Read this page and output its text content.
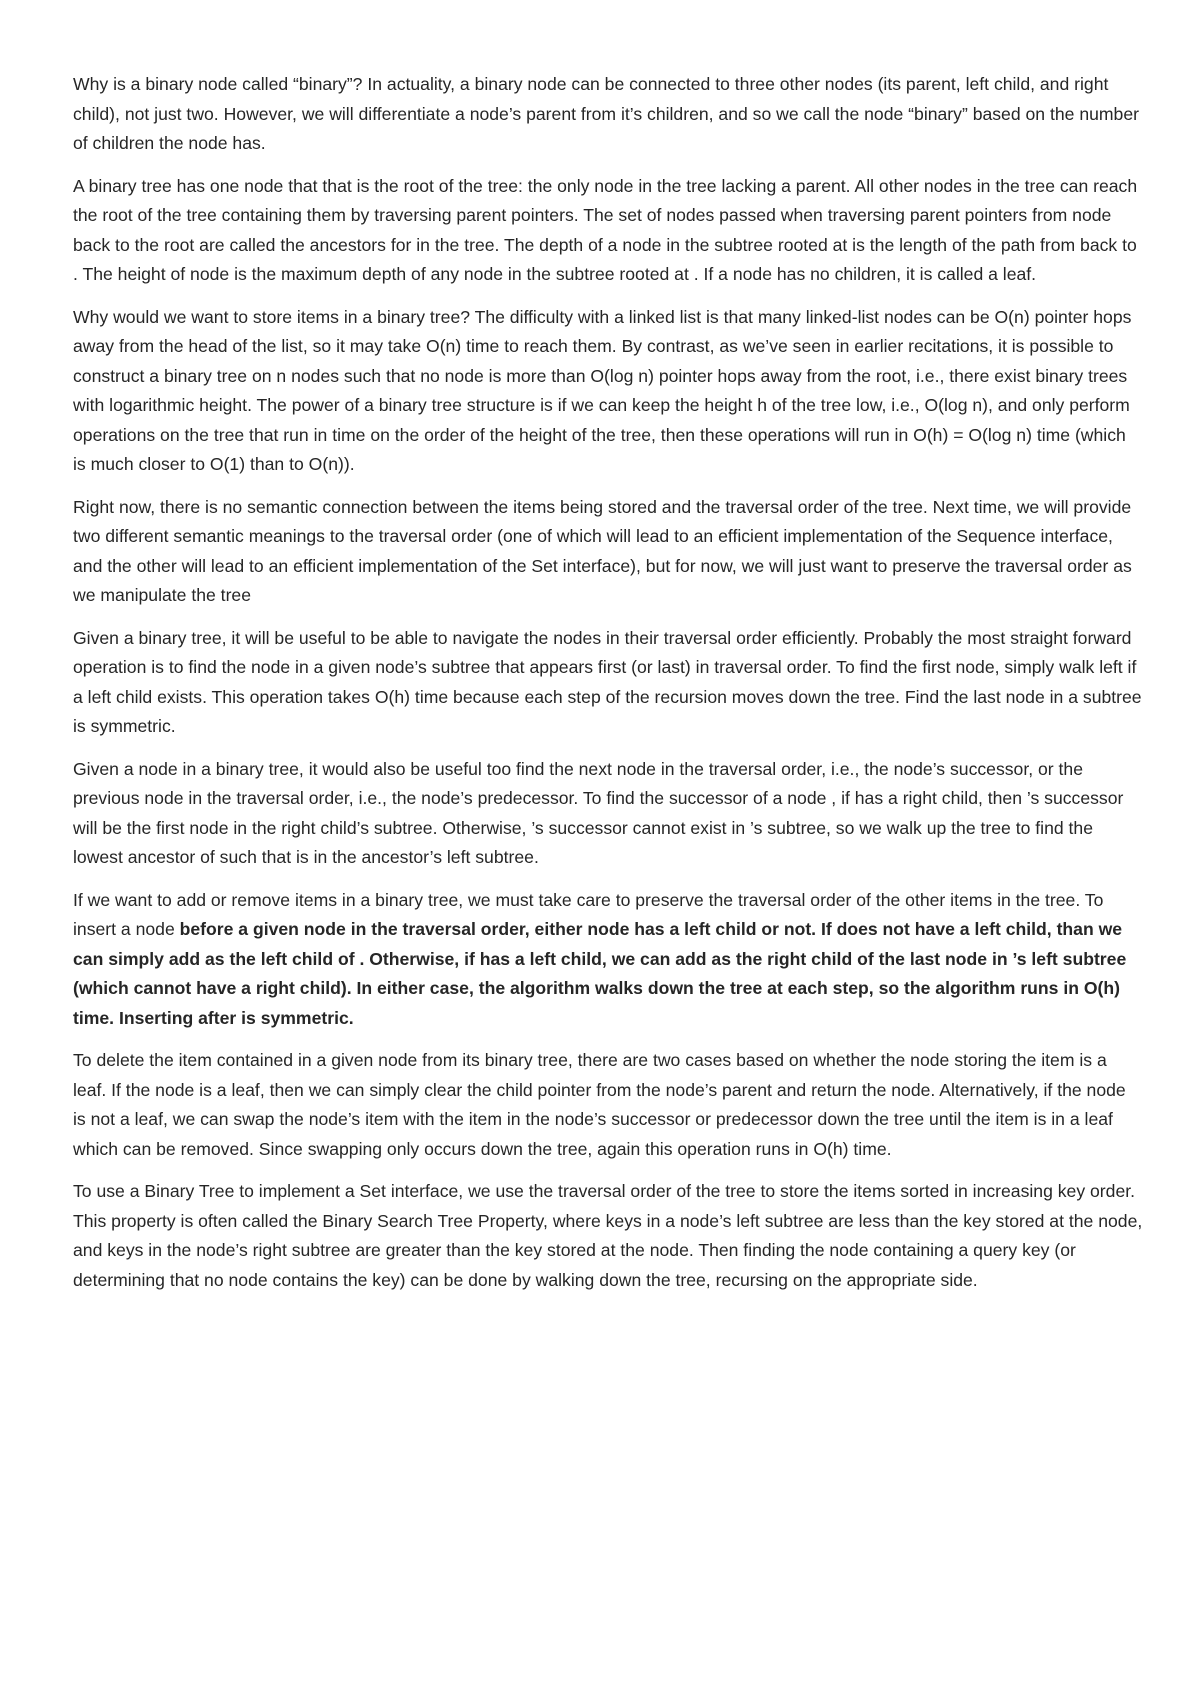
Why is a binary node called “binary”? In actuality, a binary node can be connected to three other nodes (its parent, left child, and right child), not just two. However, we will differentiate a node’s parent from it’s children, and so we call the node “binary” based on the number of children the node has.

A binary tree has one node that that is the root of the tree: the only node in the tree lacking a parent. All other nodes in the tree can reach the root of the tree containing them by traversing parent pointers. The set of nodes passed when traversing parent pointers from node back to the root are called the ancestors for in the tree. The depth of a node in the subtree rooted at is the length of the path from back to . The height of node is the maximum depth of any node in the subtree rooted at . If a node has no children, it is called a leaf.

Why would we want to store items in a binary tree? The difficulty with a linked list is that many linked-list nodes can be O(n) pointer hops away from the head of the list, so it may take O(n) time to reach them. By contrast, as we’ve seen in earlier recitations, it is possible to construct a binary tree on n nodes such that no node is more than O(log n) pointer hops away from the root, i.e., there exist binary trees with logarithmic height. The power of a binary tree structure is if we can keep the height h of the tree low, i.e., O(log n), and only perform operations on the tree that run in time on the order of the height of the tree, then these operations will run in O(h) = O(log n) time (which is much closer to O(1) than to O(n)).

Right now, there is no semantic connection between the items being stored and the traversal order of the tree. Next time, we will provide two different semantic meanings to the traversal order (one of which will lead to an efficient implementation of the Sequence interface, and the other will lead to an efficient implementation of the Set interface), but for now, we will just want to preserve the traversal order as we manipulate the tree

Given a binary tree, it will be useful to be able to navigate the nodes in their traversal order efficiently. Probably the most straight forward operation is to find the node in a given node’s subtree that appears first (or last) in traversal order. To find the first node, simply walk left if a left child exists. This operation takes O(h) time because each step of the recursion moves down the tree. Find the last node in a subtree is symmetric.

Given a node in a binary tree, it would also be useful too find the next node in the traversal order, i.e., the node’s successor, or the previous node in the traversal order, i.e., the node’s predecessor. To find the successor of a node , if has a right child, then ’s successor will be the first node in the right child’s subtree. Otherwise, ’s successor cannot exist in ’s subtree, so we walk up the tree to find the lowest ancestor of such that is in the ancestor’s left subtree.

If we want to add or remove items in a binary tree, we must take care to preserve the traversal order of the other items in the tree. To insert a node before a given node in the traversal order, either node has a left child or not. If does not have a left child, than we can simply add as the left child of . Otherwise, if has a left child, we can add as the right child of the last node in ’s left subtree (which cannot have a right child). In either case, the algorithm walks down the tree at each step, so the algorithm runs in O(h) time. Inserting after is symmetric.

To delete the item contained in a given node from its binary tree, there are two cases based on whether the node storing the item is a leaf. If the node is a leaf, then we can simply clear the child pointer from the node’s parent and return the node. Alternatively, if the node is not a leaf, we can swap the node’s item with the item in the node’s successor or predecessor down the tree until the item is in a leaf which can be removed. Since swapping only occurs down the tree, again this operation runs in O(h) time.

To use a Binary Tree to implement a Set interface, we use the traversal order of the tree to store the items sorted in increasing key order. This property is often called the Binary Search Tree Property, where keys in a node’s left subtree are less than the key stored at the node, and keys in the node’s right subtree are greater than the key stored at the node. Then finding the node containing a query key (or determining that no node contains the key) can be done by walking down the tree, recursing on the appropriate side.
